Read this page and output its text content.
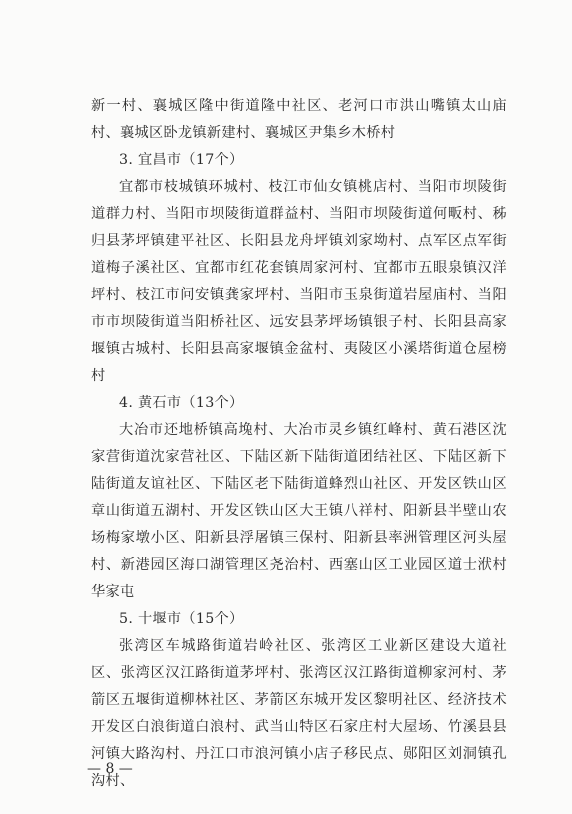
新一村、襄城区隆中街道隆中社区、老河口市洪山嘴镇太山庙村、襄城区卧龙镇新建村、襄城区尹集乡木桥村

3. 宜昌市（17个）

宜都市枝城镇环城村、枝江市仙女镇桃店村、当阳市坝陵街道群力村、当阳市坝陵街道群益村、当阳市坝陵街道何畈村、秭归县茅坪镇建平社区、长阳县龙舟坪镇刘家坳村、点军区点军街道梅子溪社区、宜都市红花套镇周家河村、宜都市五眼泉镇汉洋坪村、枝江市问安镇龚家坪村、当阳市玉泉街道岩屋庙村、当阳市市坝陵街道当阳桥社区、远安县茅坪场镇银子村、长阳县高家堰镇古城村、长阳县高家堰镇金盆村、夷陵区小溪塔街道仓屋榜村

4. 黄石市（13个）

大冶市还地桥镇高堍村、大冶市灵乡镇红峰村、黄石港区沈家营街道沈家营社区、下陆区新下陆街道团结社区、下陆区新下陆街道友谊社区、下陆区老下陆街道蜂烈山社区、开发区铁山区章山街道五湖村、开发区铁山区大王镇八祥村、阳新县半壁山农场梅家墩小区、阳新县浮屠镇三保村、阳新县率洲管理区河头屋村、新港园区海口湖管理区尧治村、西塞山区工业园区道士洑村华家屯

5. 十堰市（15个）

张湾区车城路街道岩岭社区、张湾区工业新区建设大道社区、张湾区汉江路街道茅坪村、张湾区汉江路街道柳家河村、茅箭区五堰街道柳林社区、茅箭区东城开发区黎明社区、经济技术开发区白浪街道白浪村、武当山特区石家庄村大屋场、竹溪县县河镇大路沟村、丹江口市浪河镇小店子移民点、郧阳区刘洞镇孔沟村、

— 8 —
